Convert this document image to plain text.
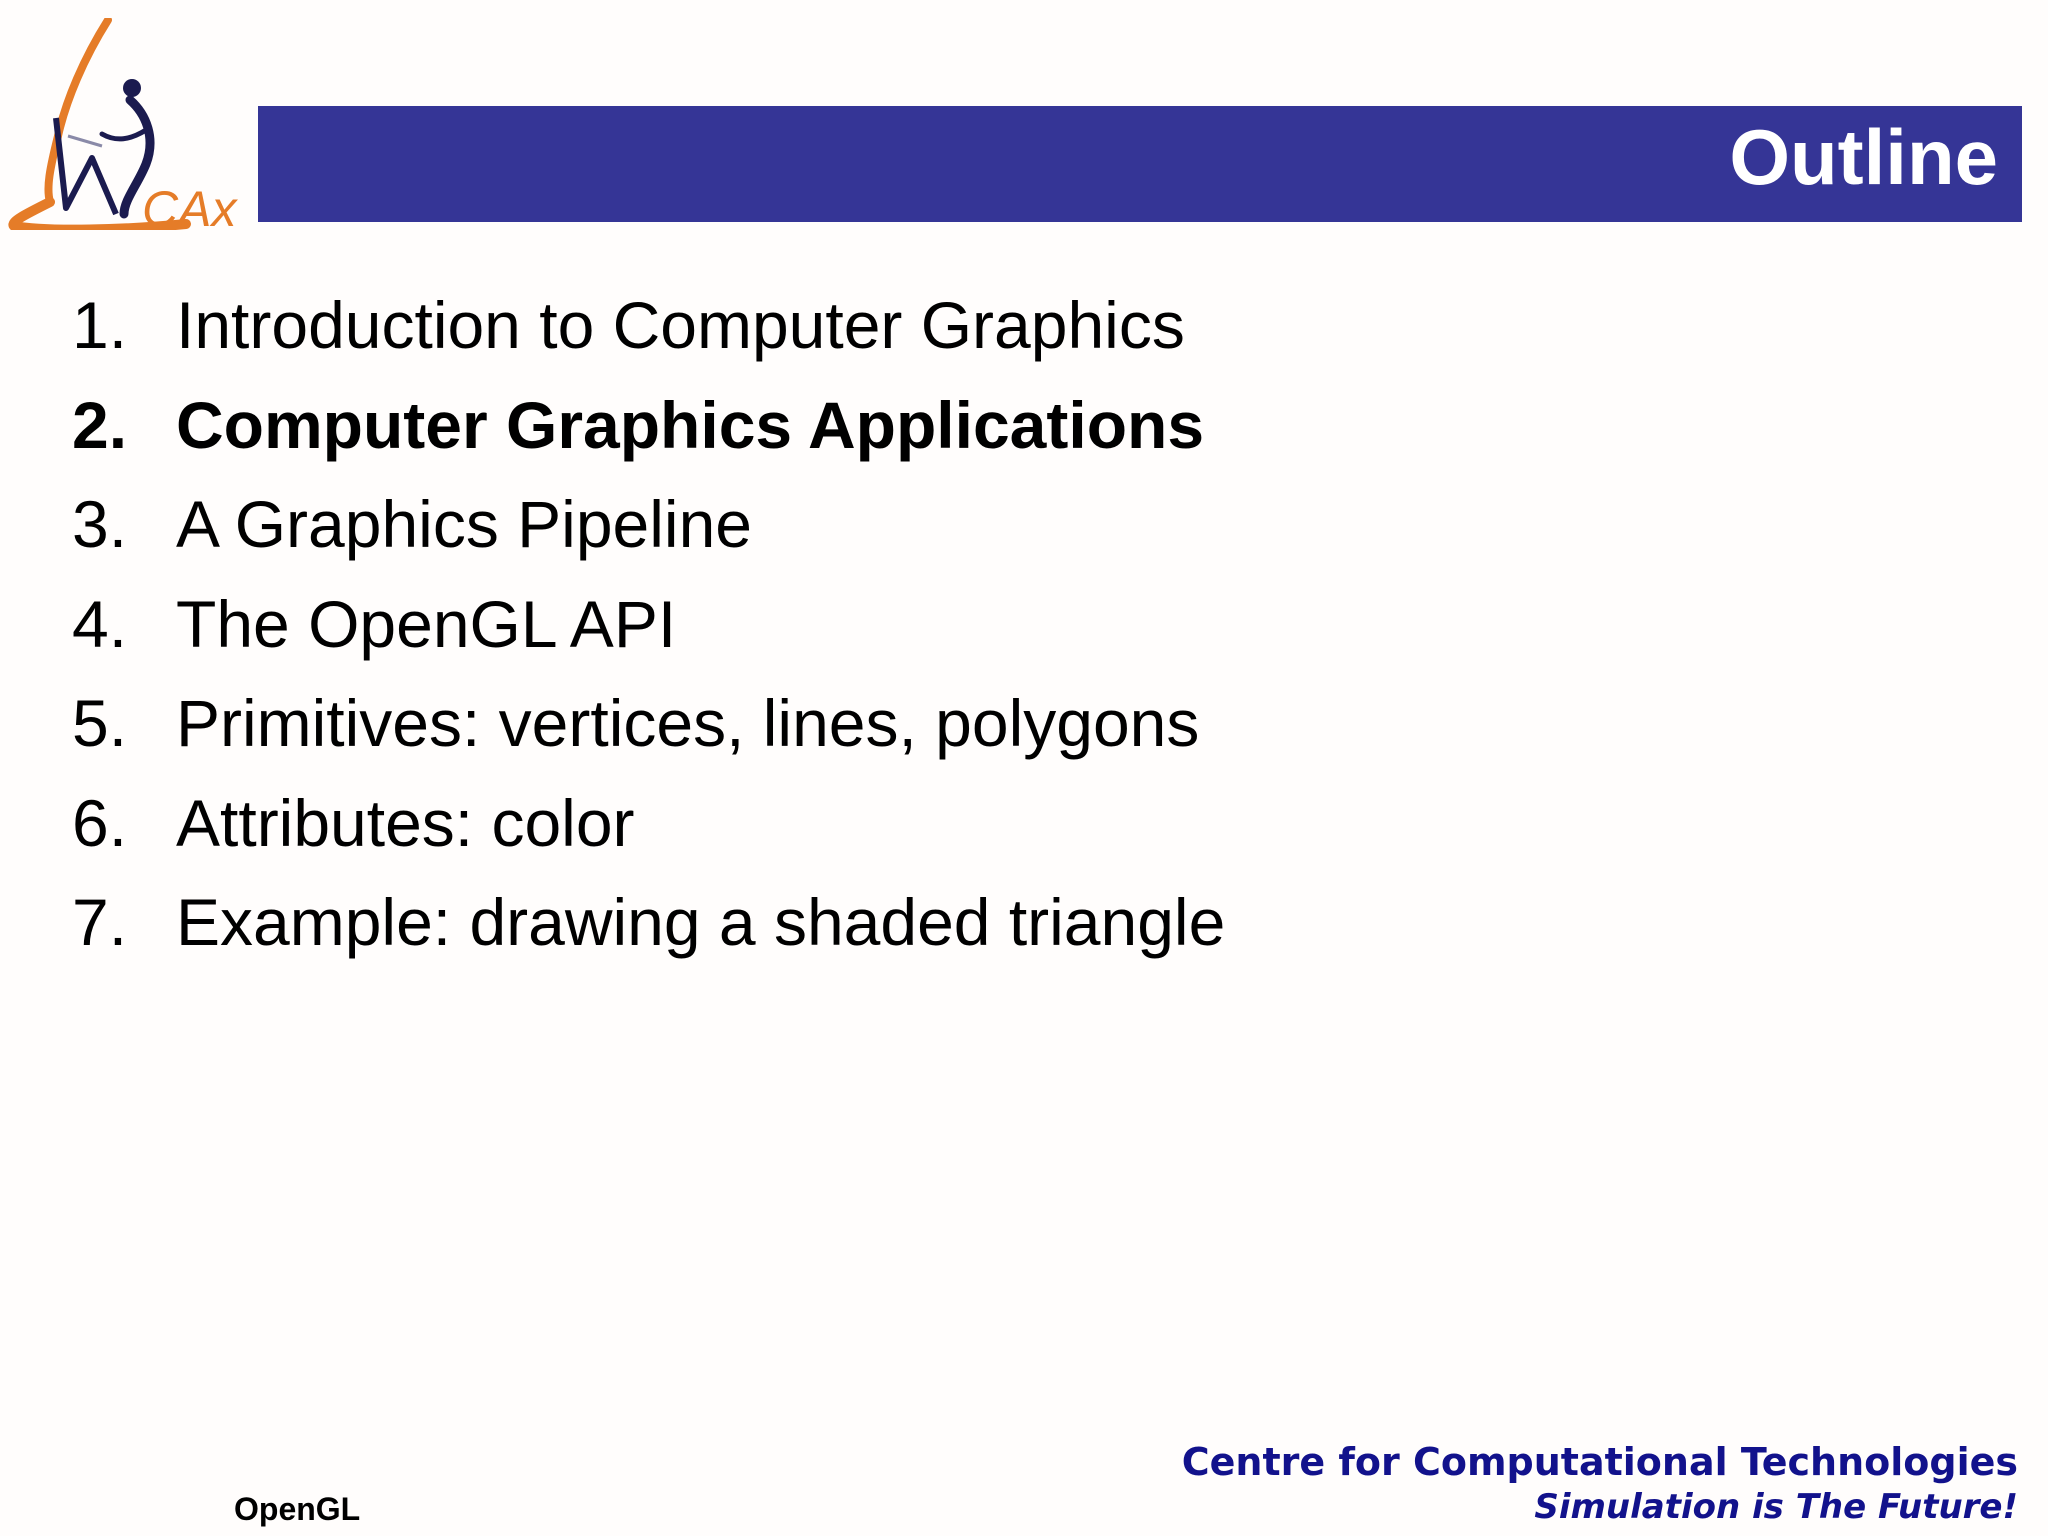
CAx
Outline
1. Introduction to Computer Graphics
2. Computer Graphics Applications
3. A Graphics Pipeline
4. The OpenGL API
5. Primitives: vertices, lines, polygons
6. Attributes: color
7. Example: drawing a shaded triangle
OpenGL
Centre for Computational Technologies
Simulation is The Future!
